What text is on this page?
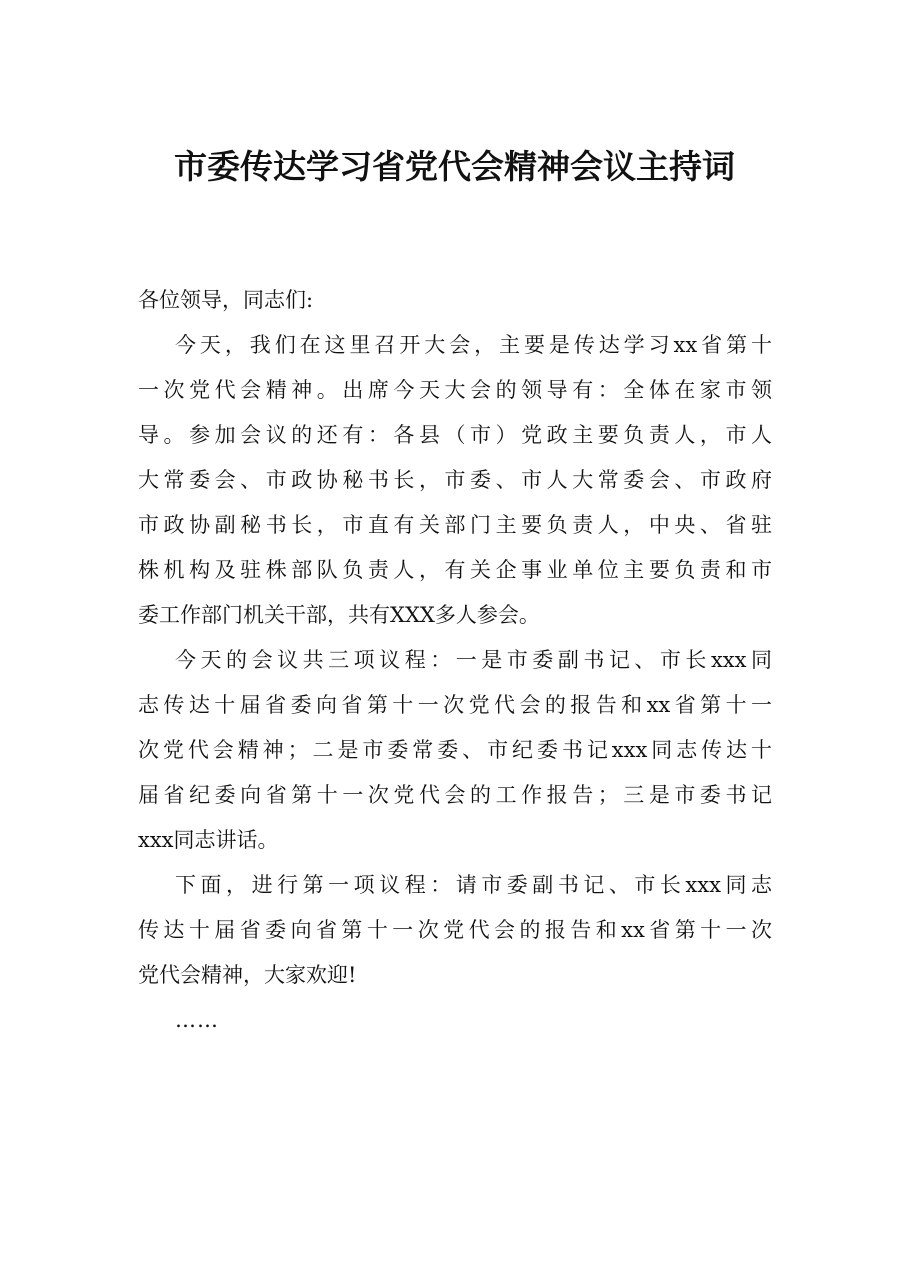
市委传达学习省党代会精神会议主持词
各位领导，同志们:
今天，我们在这里召开大会，主要是传达学习xx省第十
一次党代会精神。出席今天大会的领导有：全体在家市领
导。参加会议的还有：各县（市）党政主要负责人，市人
大常委会、市政协秘书长，市委、市人大常委会、市政府
市政协副秘书长，市直有关部门主要负责人，中央、省驻
株机构及驻株部队负责人，有关企事业单位主要负责和市
委工作部门机关干部，共有XXX多人参会。
今天的会议共三项议程：一是市委副书记、市长xxx同
志传达十届省委向省第十一次党代会的报告和xx省第十一
次党代会精神；二是市委常委、市纪委书记xxx同志传达十
届省纪委向省第十一次党代会的工作报告；三是市委书记
xxx同志讲话。
下面，进行第一项议程：请市委副书记、市长xxx同志
传达十届省委向省第十一次党代会的报告和xx省第十一次
党代会精神，大家欢迎!
……
